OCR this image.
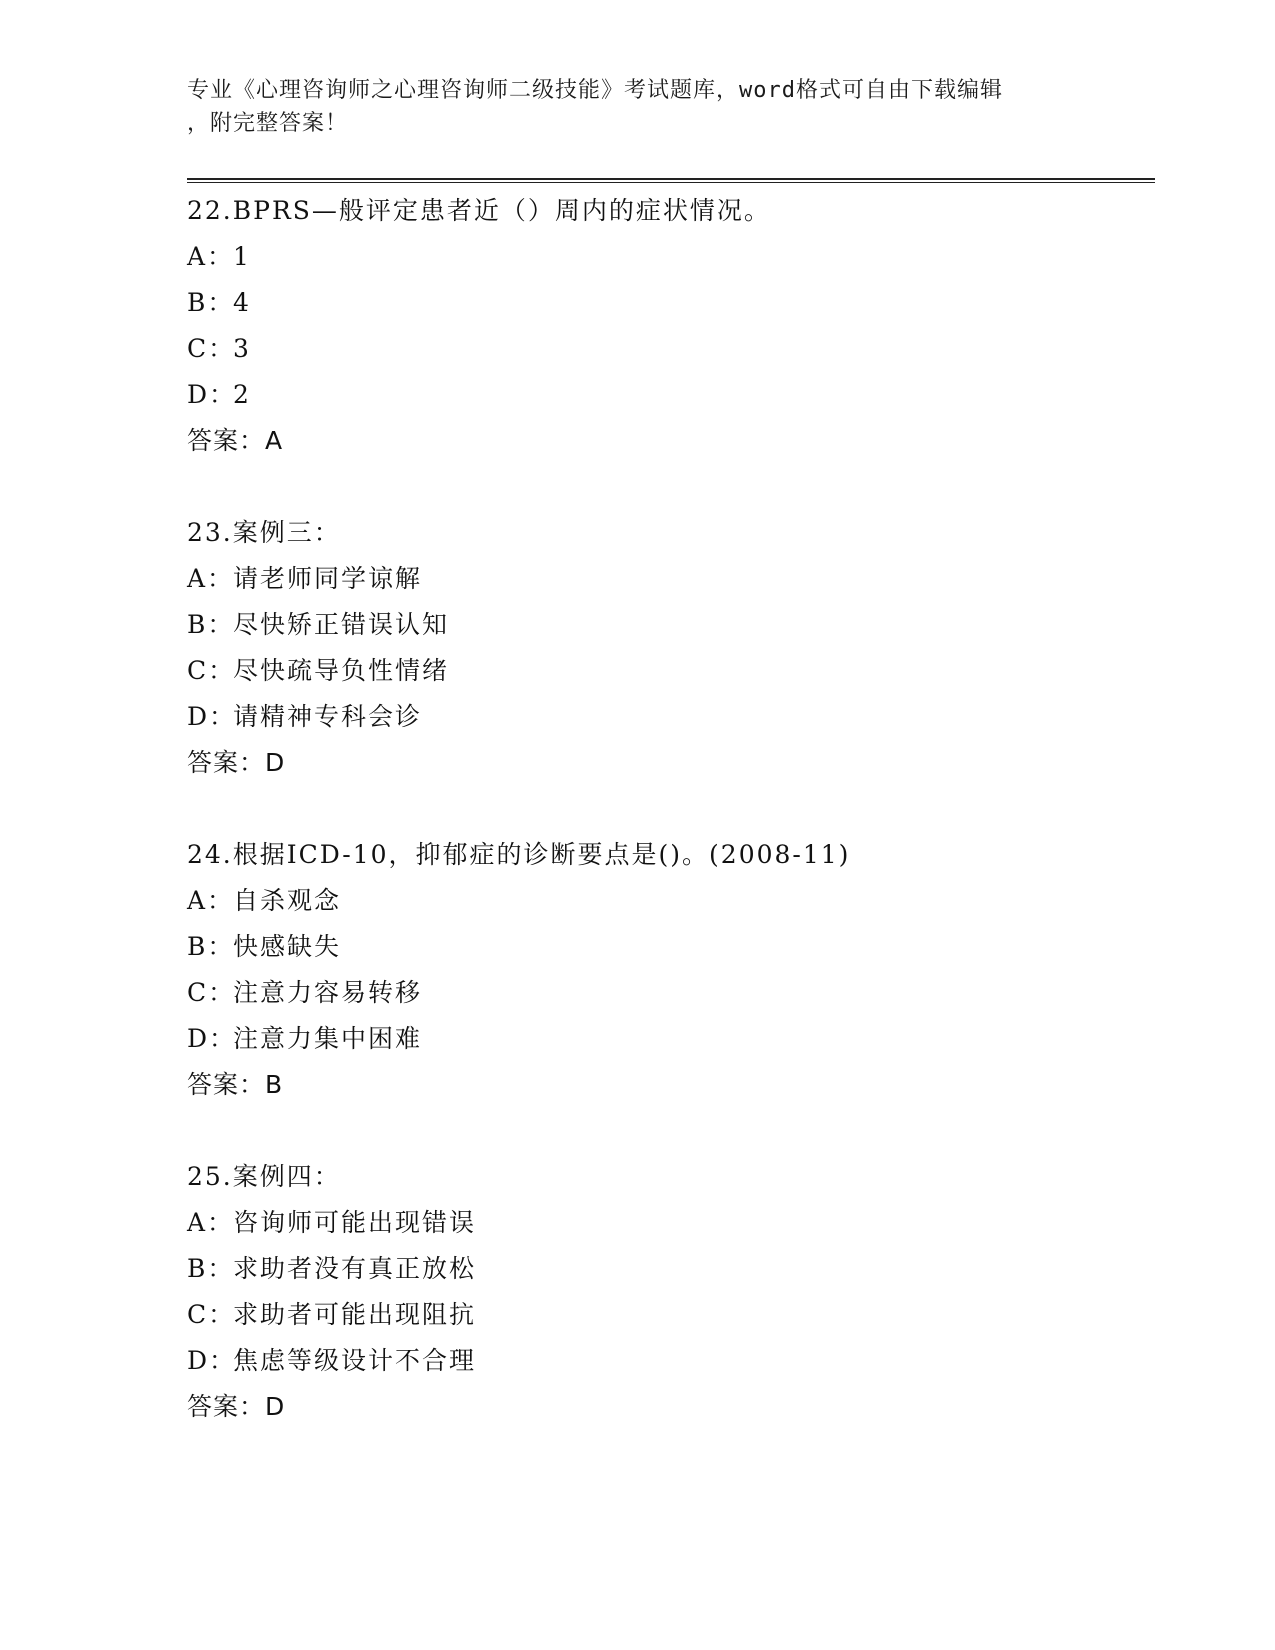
专业《心理咨询师之心理咨询师二级技能》考试题库，word格式可自由下载编辑
，附完整答案！
22.BPRS—般评定患者近（）周内的症状情况。
A：1
B：4
C：3
D：2
答案：A
23.案例三：
A：请老师同学谅解
B：尽快矫正错误认知
C：尽快疏导负性情绪
D：请精神专科会诊
答案：D
24.根据ICD-10，抑郁症的诊断要点是()。(2008-11)
A：自杀观念
B：快感缺失
C：注意力容易转移
D：注意力集中困难
答案：B
25.案例四：
A：咨询师可能出现错误
B：求助者没有真正放松
C：求助者可能出现阻抗
D：焦虑等级设计不合理
答案：D
